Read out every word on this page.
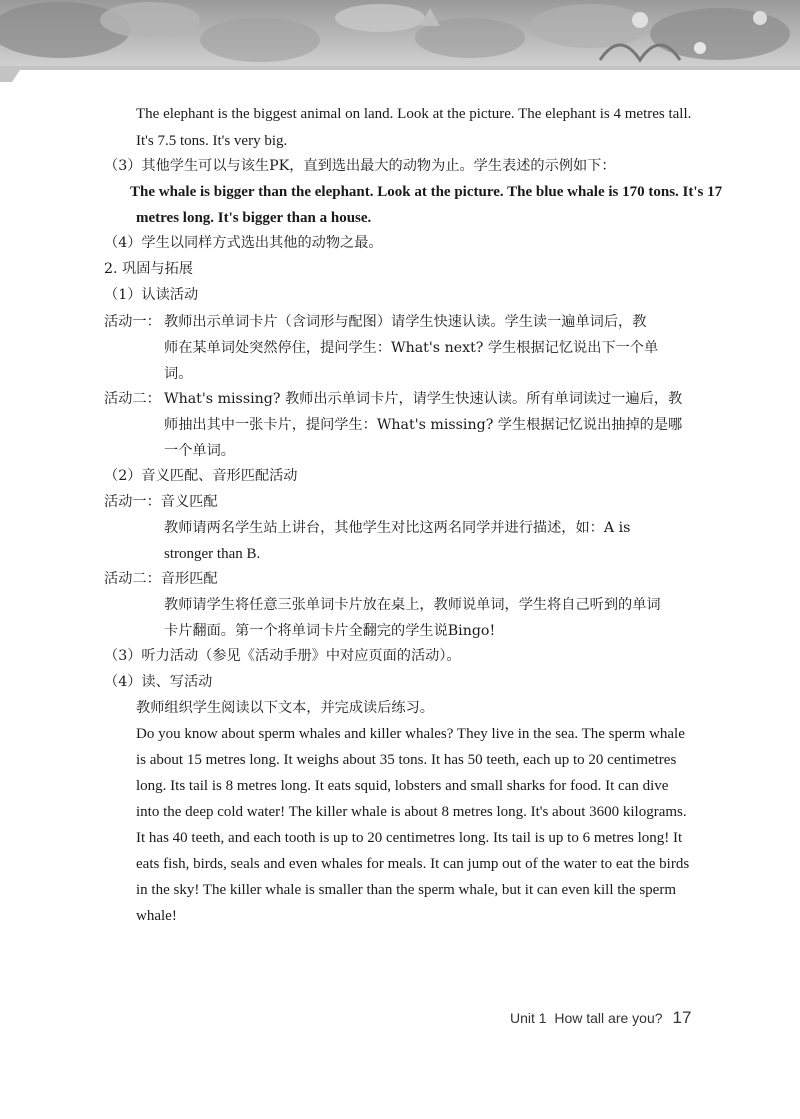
The elephant is the biggest animal on land. Look at the picture. The elephant is 4 metres tall.
It's 7.5 tons. It's very big.
（3）其他学生可以与该生PK，直到选出最大的动物为止。学生表述的示例如下：
The whale is bigger than the elephant. Look at the picture. The blue whale is 170 tons. It's 17
metres long. It's bigger than a house.
（4）学生以同样方式选出其他的动物之最。
2. 巩固与拓展
（1）认读活动
活动一： 教师出示单词卡片（含词形与配图）请学生快速认读。学生读一遍单词后，教
师在某单词处突然停住，提问学生：What's next? 学生根据记忆说出下一个单
词。
活动二： What's missing? 教师出示单词卡片，请学生快速认读。所有单词读过一遍后，教
师抽出其中一张卡片，提问学生：What's missing? 学生根据记忆说出抽掉的是哪
一个单词。
（2）音义匹配、音形匹配活动
活动一：音义匹配
教师请两名学生站上讲台，其他学生对比这两名同学并进行描述，如：A is
stronger than B.
活动二：音形匹配
教师请学生将任意三张单词卡片放在桌上，教师说单词，学生将自己听到的单词
卡片翻面。第一个将单词卡片全翻完的学生说Bingo!
（3）听力活动（参见《活动手册》中对应页面的活动）。
（4）读、写活动
教师组织学生阅读以下文本，并完成读后练习。
Do you know about sperm whales and killer whales? They live in the sea. The sperm whale
is about 15 metres long. It weighs about 35 tons. It has 50 teeth, each up to 20 centimetres
long. Its tail is 8 metres long. It eats squid, lobsters and small sharks for food. It can dive
into the deep cold water! The killer whale is about 8 metres long. It's about 3600 kilograms.
It has 40 teeth, and each tooth is up to 20 centimetres long. Its tail is up to 6 metres long! It
eats fish, birds, seals and even whales for meals. It can jump out of the water to eat the birds
in the sky! The killer whale is smaller than the sperm whale, but it can even kill the sperm
whale!
Unit 1  How tall are you? 17
